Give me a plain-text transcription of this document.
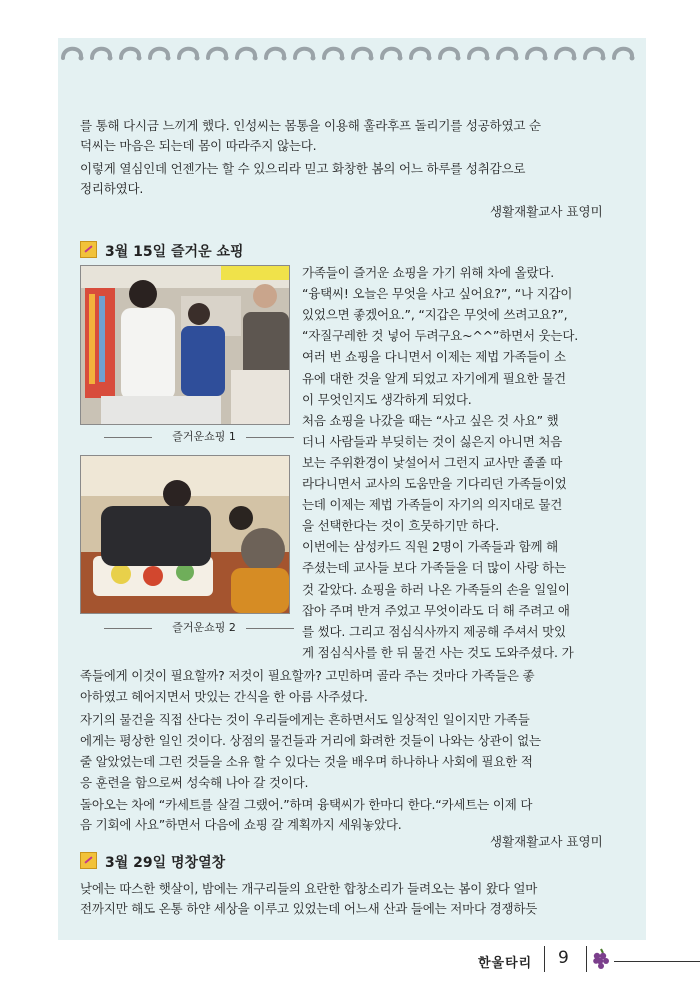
를 통해 다시금 느끼게 했다. 인성씨는 몸통을 이용해 훌라후프 돌리기를 성공하였고 순
덕씨는 마음은 되는데 몸이 따라주지 않는다.
이렇게 열심인데 언젠가는 할 수 있으리라 믿고 화창한 봄의 어느 하루를 성취감으로
정리하였다.
생활재활교사 표영미
3월 15일 즐거운 쇼핑
즐거운쇼핑 1
즐거운쇼핑 2
가족들이 즐거운 쇼핑을 가기 위해 차에 올랐다.
“융택씨! 오늘은 무엇을 사고 싶어요?”, “나 지갑이
있었으면 좋겠어요.”, “지갑은 무엇에 쓰려고요?”,
“자질구레한 것 넣어 두려구요~^^”하면서 웃는다.
여러 번 쇼핑을 다니면서 이제는 제법 가족들이 소
유에 대한 것을 알게 되었고 자기에게 필요한 물건
이 무엇인지도 생각하게 되었다.
처음 쇼핑을 나갔을 때는 “사고 싶은 것 사요” 했
더니 사람들과 부딪히는 것이 싫은지 아니면 처음
보는 주위환경이 낯설어서 그런지 교사만 졸졸 따
라다니면서 교사의 도움만을 기다리던 가족들이었
는데 이제는 제법 가족들이 자기의 의지대로 물건
을 선택한다는 것이 흐뭇하기만 하다.
이번에는 삼성카드 직원 2명이 가족들과 함께 해
주셨는데 교사들 보다 가족들을 더 많이 사랑 하는
것 같았다. 쇼핑을 하러 나온 가족들의 손을 일일이
잡아 주며 반겨 주었고 무엇이라도 더 해 주려고 애
를 썼다. 그리고 점심식사까지 제공해 주셔서 맛있
게 점심식사를 한 뒤 물건 사는 것도 도와주셨다. 가
족들에게 이것이 필요할까? 저것이 필요할까? 고민하며 골라 주는 것마다 가족들은 좋
아하였고 헤어지면서 맛있는 간식을 한 아름 사주셨다.
자기의 물건을 직접 산다는 것이 우리들에게는 흔하면서도 일상적인 일이지만 가족들
에게는 평상한 일인 것이다. 상점의 물건들과 거리에 화려한 것들이 나와는 상관이 없는
줄 알았었는데 그런 것들을 소유 할 수 있다는 것을 배우며 하나하나 사회에 필요한 적
응 훈련을 함으로써 성숙해 나아 갈 것이다.
돌아오는 차에 “카세트를 살걸 그랬어.”하며 융택씨가 한마디 한다.“카세트는 이제 다
음 기회에 사요”하면서 다음에 쇼핑 갈 계획까지 세워놓았다.
생활재활교사 표영미
3월 29일 명창열창
낮에는 따스한 햇살이, 밤에는 개구리들의 요란한 합창소리가 들려오는 봄이 왔다 얼마
전까지만 해도 온통 하얀 세상을 이루고 있었는데 어느새 산과 들에는 저마다 경쟁하듯
한울타리 9
